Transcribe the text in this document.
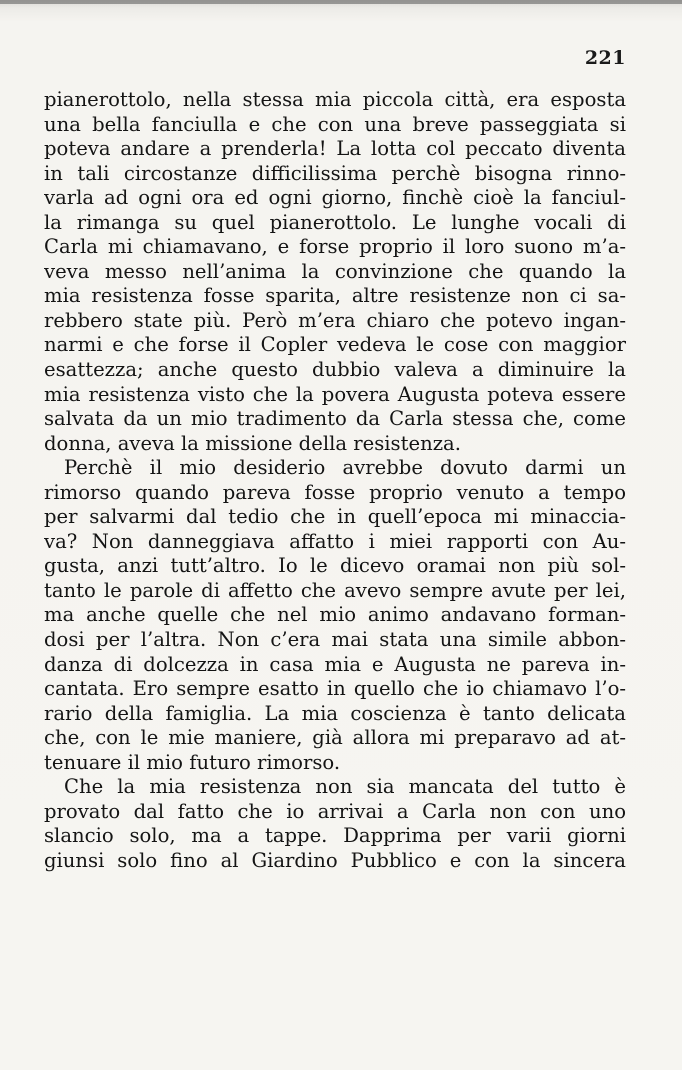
221
pianerottolo, nella stessa mia piccola città, era esposta
una bella fanciulla e che con una breve passeggiata si
poteva andare a prenderla! La lotta col peccato diventa
in tali circostanze difficilissima perchè bisogna rinno-
varla ad ogni ora ed ogni giorno, finchè cioè la fanciul-
la rimanga su quel pianerottolo. Le lunghe vocali di
Carla mi chiamavano, e forse proprio il loro suono m’a-
veva messo nell’anima la convinzione che quando la
mia resistenza fosse sparita, altre resistenze non ci sa-
rebbero state più. Però m’era chiaro che potevo ingan-
narmi e che forse il Copler vedeva le cose con maggior
esattezza; anche questo dubbio valeva a diminuire la
mia resistenza visto che la povera Augusta poteva essere
salvata da un mio tradimento da Carla stessa che, come
donna, aveva la missione della resistenza.
Perchè il mio desiderio avrebbe dovuto darmi un
rimorso quando pareva fosse proprio venuto a tempo
per salvarmi dal tedio che in quell’epoca mi minaccia-
va? Non danneggiava affatto i miei rapporti con Au-
gusta, anzi tutt’altro. Io le dicevo oramai non più sol-
tanto le parole di affetto che avevo sempre avute per lei,
ma anche quelle che nel mio animo andavano forman-
dosi per l’altra. Non c’era mai stata una simile abbon-
danza di dolcezza in casa mia e Augusta ne pareva in-
cantata. Ero sempre esatto in quello che io chiamavo l’o-
rario della famiglia. La mia coscienza è tanto delicata
che, con le mie maniere, già allora mi preparavo ad at-
tenuare il mio futuro rimorso.
Che la mia resistenza non sia mancata del tutto è
provato dal fatto che io arrivai a Carla non con uno
slancio solo, ma a tappe. Dapprima per varii giorni
giunsi solo fino al Giardino Pubblico e con la sincera
